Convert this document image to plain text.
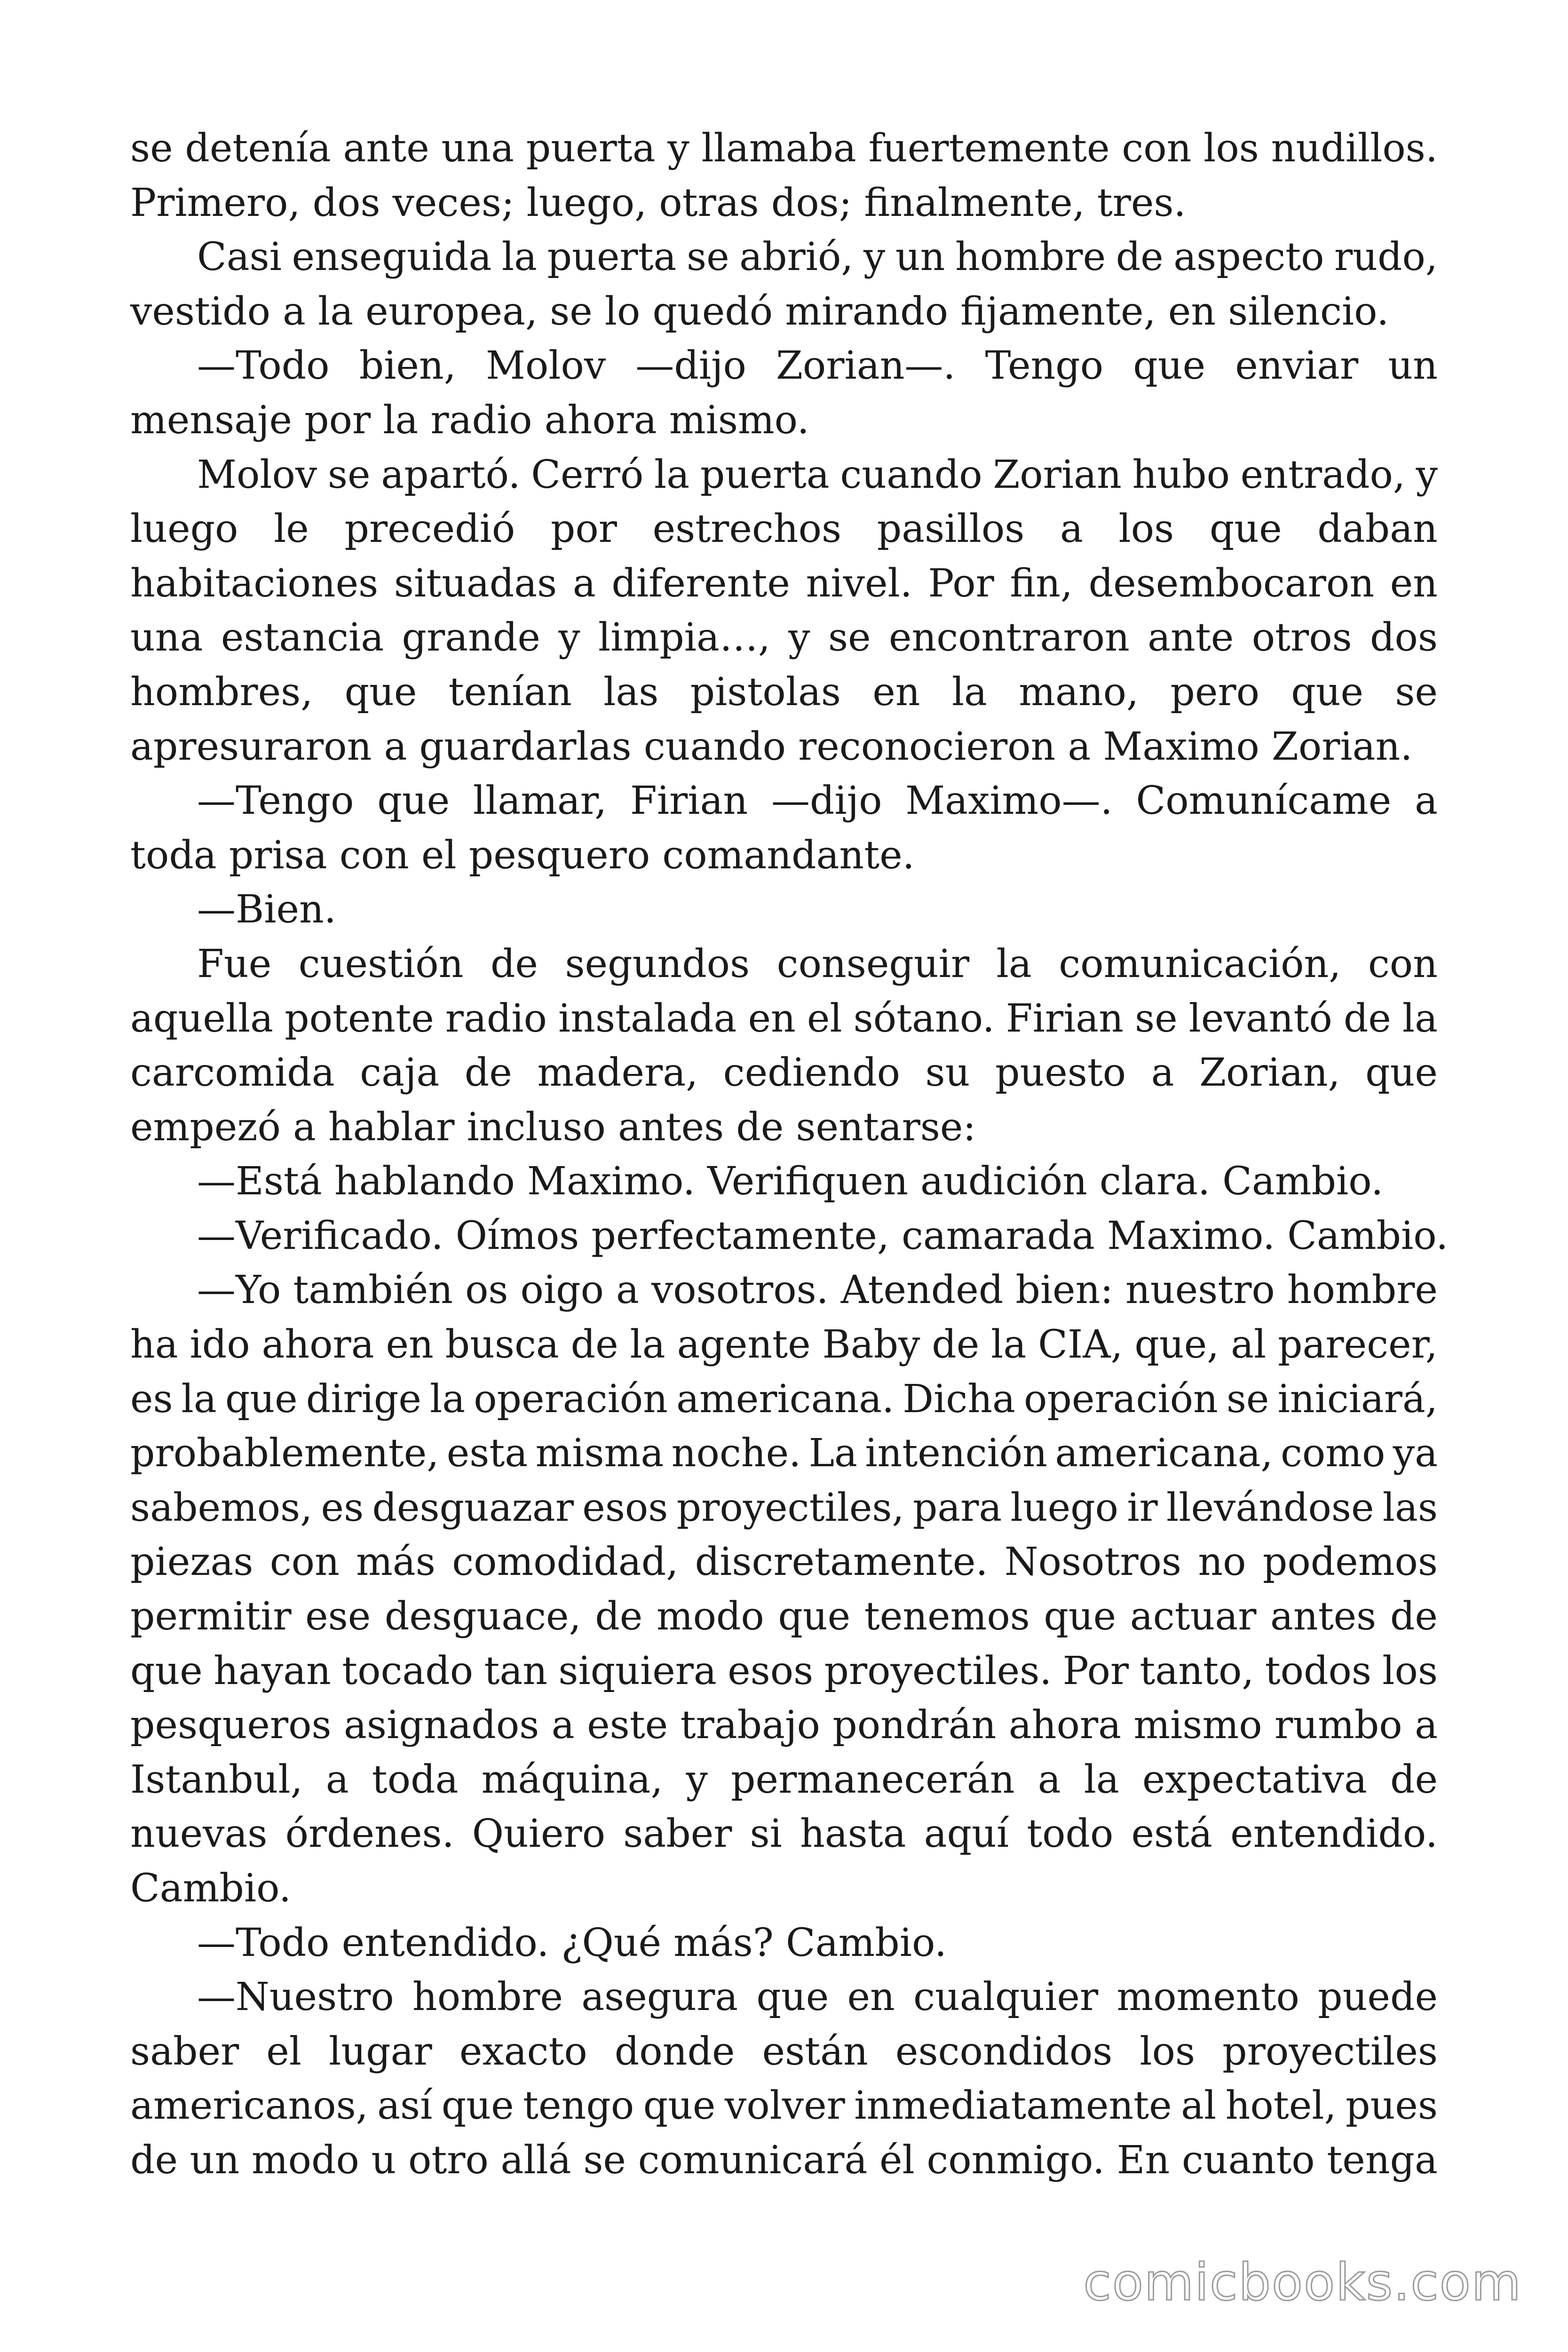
se detenía ante una puerta y llamaba fuertemente con los nudillos.
Primero, dos veces; luego, otras dos; finalmente, tres.
Casi enseguida la puerta se abrió, y un hombre de aspecto rudo,
vestido a la europea, se lo quedó mirando fijamente, en silencio.
—Todo bien, Molov —dijo Zorian—. Tengo que enviar un
mensaje por la radio ahora mismo.
Molov se apartó. Cerró la puerta cuando Zorian hubo entrado, y
luego le precedió por estrechos pasillos a los que daban
habitaciones situadas a diferente nivel. Por fin, desembocaron en
una estancia grande y limpia…, y se encontraron ante otros dos
hombres, que tenían las pistolas en la mano, pero que se
apresuraron a guardarlas cuando reconocieron a Maximo Zorian.
—Tengo que llamar, Firian —dijo Maximo—. Comunícame a
toda prisa con el pesquero comandante.
—Bien.
Fue cuestión de segundos conseguir la comunicación, con
aquella potente radio instalada en el sótano. Firian se levantó de la
carcomida caja de madera, cediendo su puesto a Zorian, que
empezó a hablar incluso antes de sentarse:
—Está hablando Maximo. Verifiquen audición clara. Cambio.
—Verificado. Oímos perfectamente, camarada Maximo. Cambio.
—Yo también os oigo a vosotros. Atended bien: nuestro hombre
ha ido ahora en busca de la agente Baby de la CIA, que, al parecer,
es la que dirige la operación americana. Dicha operación se iniciará,
probablemente, esta misma noche. La intención americana, como ya
sabemos, es desguazar esos proyectiles, para luego ir llevándose las
piezas con más comodidad, discretamente. Nosotros no podemos
permitir ese desguace, de modo que tenemos que actuar antes de
que hayan tocado tan siquiera esos proyectiles. Por tanto, todos los
pesqueros asignados a este trabajo pondrán ahora mismo rumbo a
Istanbul, a toda máquina, y permanecerán a la expectativa de
nuevas órdenes. Quiero saber si hasta aquí todo está entendido.
Cambio.
—Todo entendido. ¿Qué más? Cambio.
—Nuestro hombre asegura que en cualquier momento puede
saber el lugar exacto donde están escondidos los proyectiles
americanos, así que tengo que volver inmediatamente al hotel, pues
de un modo u otro allá se comunicará él conmigo. En cuanto tenga
comicbooks.com
